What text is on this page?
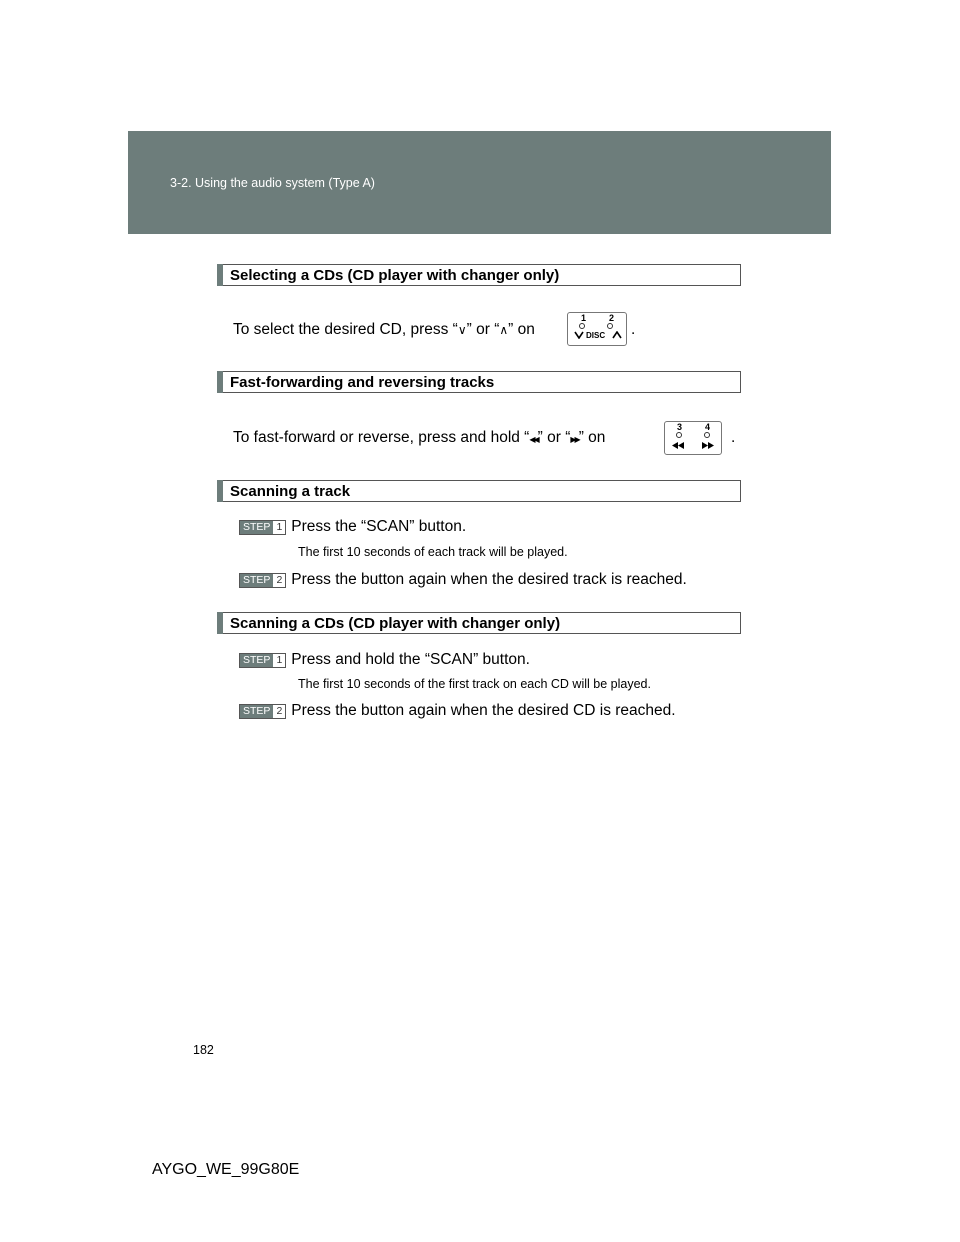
3-2. Using the audio system (Type A)
Selecting a CDs (CD player with changer only)
To select the desired CD, press “∨” or “∧” on
1	2
DISC .
Fast-forwarding and reversing tracks
To fast-forward or reverse, press and hold “◀◀” or “▶▶” on
3	4
.
Scanning a track
STEP 1 Press the “SCAN” button.
The first 10 seconds of each track will be played.
STEP 2 Press the button again when the desired track is reached.
Scanning a CDs (CD player with changer only)
STEP 1 Press and hold the “SCAN” button.
The first 10 seconds of the first track on each CD will be played.
STEP 2 Press the button again when the desired CD is reached.
182
AYGO_WE_99G80E
